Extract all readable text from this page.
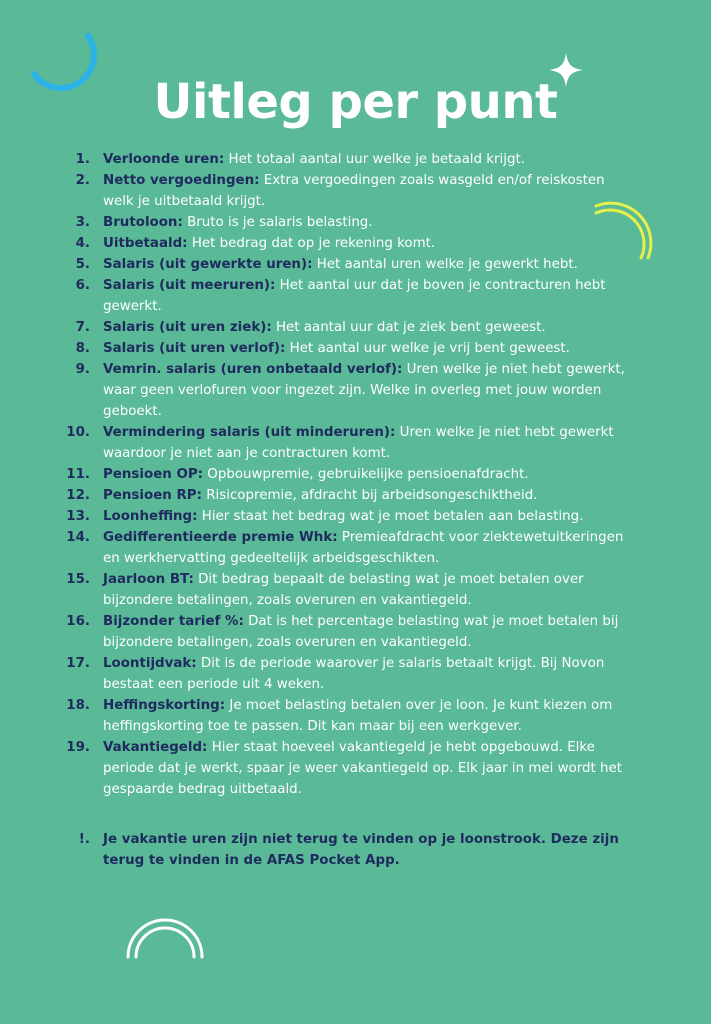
Uitleg per punt
1. Verloonde uren: Het totaal aantal uur welke je betaald krijgt.
2. Netto vergoedingen: Extra vergoedingen zoals wasgeld en/of reiskosten welk je uitbetaald krijgt.
3. Brutoloon: Bruto is je salaris belasting.
4. Uitbetaald: Het bedrag dat op je rekening komt.
5. Salaris (uit gewerkte uren): Het aantal uren welke je gewerkt hebt.
6. Salaris (uit meeruren): Het aantal uur dat je boven je contracturen hebt gewerkt.
7. Salaris (uit uren ziek): Het aantal uur dat je ziek bent geweest.
8. Salaris (uit uren verlof): Het aantal uur welke je vrij bent geweest.
9. Vemrin. salaris (uren onbetaald verlof): Uren welke je niet hebt gewerkt, waar geen verlofuren voor ingezet zijn. Welke in overleg met jouw worden geboekt.
10. Vermindering salaris (uit minderuren): Uren welke je niet hebt gewerkt waardoor je niet aan je contracturen komt.
11. Pensioen OP: Opbouwpremie, gebruikelijke pensioenafdracht.
12. Pensioen RP: Risicopremie, afdracht bij arbeidsongeschiktheid.
13. Loonheffing: Hier staat het bedrag wat je moet betalen aan belasting.
14. Gedifferentieerde premie Whk: Premieafdracht voor ziektewetuitkeringen en werkhervatting gedeeltelijk arbeidsgeschikten.
15. Jaarloon BT: Dit bedrag bepaalt de belasting wat je moet betalen over bijzondere betalingen, zoals overuren en vakantiegeld.
16. Bijzonder tarief %: Dat is het percentage belasting wat je moet betalen bij bijzondere betalingen, zoals overuren en vakantiegeld.
17. Loontijdvak: Dit is de periode waarover je salaris betaalt krijgt. Bij Novon bestaat een periode uit 4 weken.
18. Heffingskorting: Je moet belasting betalen over je loon. Je kunt kiezen om heffingskorting toe te passen. Dit kan maar bij een werkgever.
19. Vakantiegeld: Hier staat hoeveel vakantiegeld je hebt opgebouwd. Elke periode dat je werkt, spaar je weer vakantiegeld op. Elk jaar in mei wordt het gespaarde bedrag uitbetaald.
!. Je vakantie uren zijn niet terug te vinden op je loonstrook. Deze zijn terug te vinden in de AFAS Pocket App.
